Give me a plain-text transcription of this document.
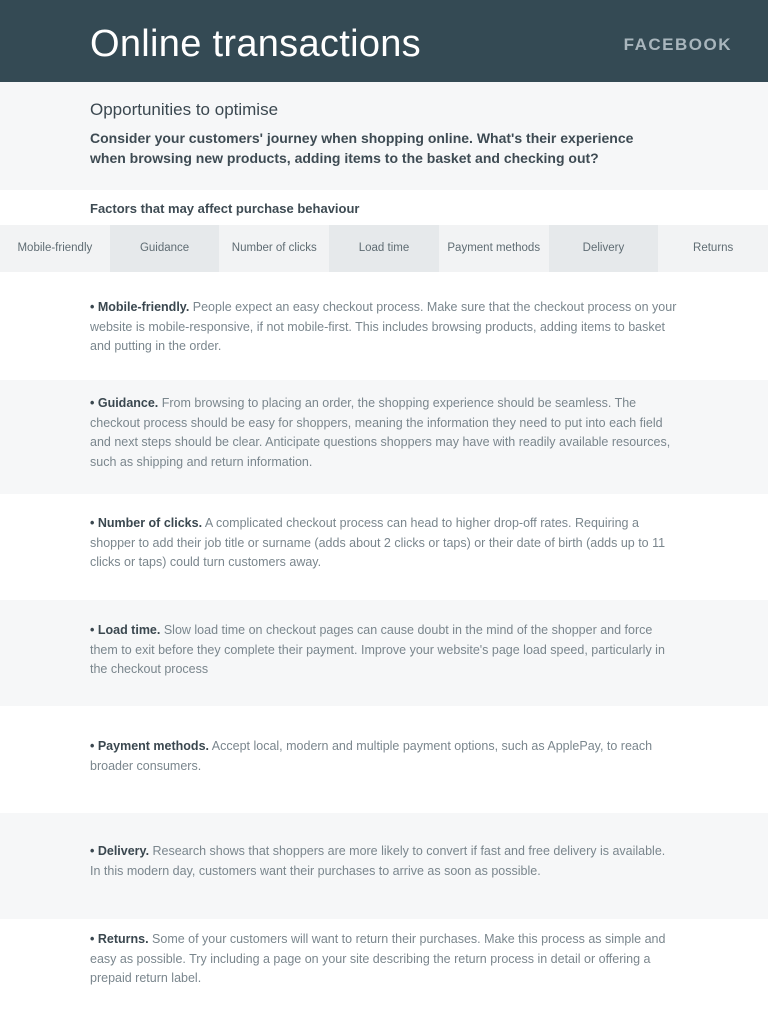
Online transactions	FACEBOOK
Opportunities to optimise
Consider your customers' journey when shopping online. What's their experience when browsing new products, adding items to the basket and checking out?
Factors that may affect purchase behaviour
Mobile-friendly	Guidance	Number of clicks	Load time	Payment methods	Delivery	Returns

• Mobile-friendly. People expect an easy checkout process. Make sure that the checkout process on your website is mobile-responsive, if not mobile-first. This includes browsing products, adding items to basket and putting in the order.

• Guidance. From browsing to placing an order, the shopping experience should be seamless. The checkout process should be easy for shoppers, meaning the information they need to put into each field and next steps should be clear. Anticipate questions shoppers may have with readily available resources, such as shipping and return information.

• Number of clicks. A complicated checkout process can head to higher drop-off rates. Requiring a shopper to add their job title or surname (adds about 2 clicks or taps) or their date of birth (adds up to 11 clicks or taps) could turn customers away.

• Load time. Slow load time on checkout pages can cause doubt in the mind of the shopper and force them to exit before they complete their payment. Improve your website's page load speed, particularly in the checkout process

• Payment methods. Accept local, modern and multiple payment options, such as ApplePay, to reach broader consumers.

• Delivery. Research shows that shoppers are more likely to convert if fast and free delivery is available. In this modern day, customers want their purchases to arrive as soon as possible.

• Returns. Some of your customers will want to return their purchases. Make this process as simple and easy as possible. Try including a page on your site describing the return process in detail or offering a prepaid return label.
